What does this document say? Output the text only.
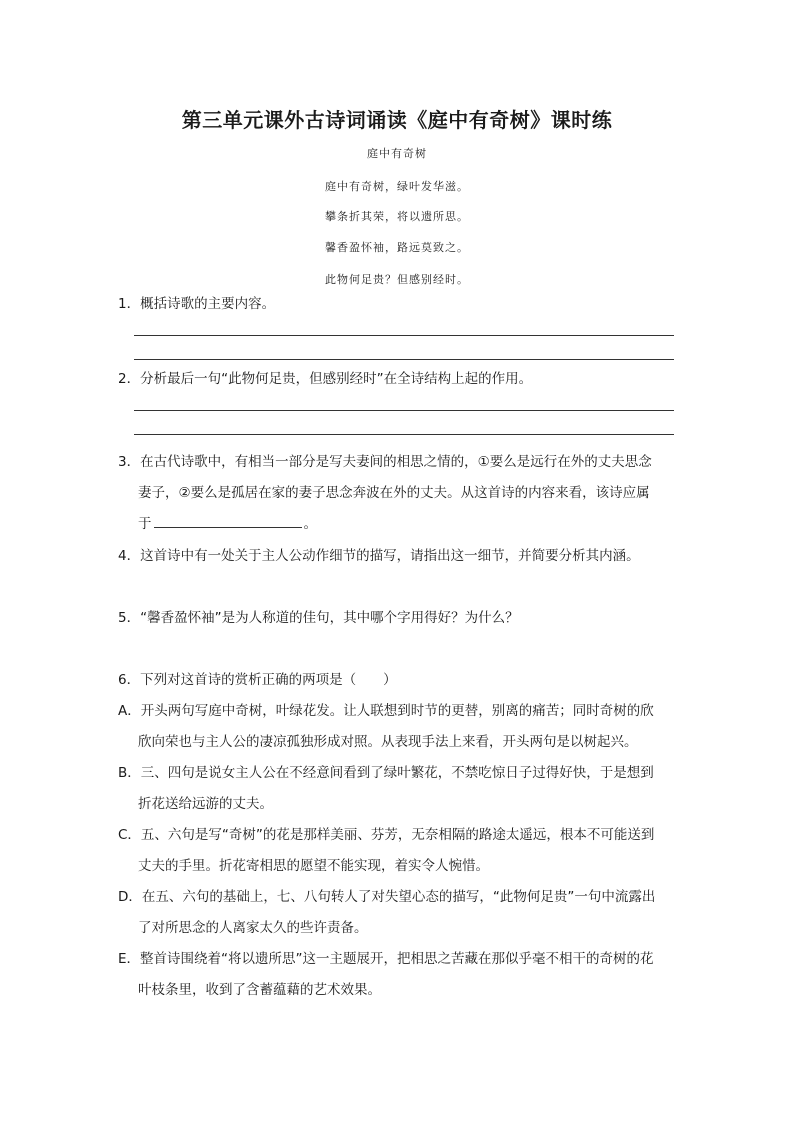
第三单元课外古诗词诵读《庭中有奇树》课时练
庭中有奇树
庭中有奇树，绿叶发华滋。
攀条折其荣，将以遗所思。
馨香盈怀袖，路远莫致之。
此物何足贵？但感别经时。
1．概括诗歌的主要内容。
2．分析最后一句“此物何足贵，但感别经时”在全诗结构上起的作用。
3．在古代诗歌中，有相当一部分是写夫妻间的相思之情的，①要么是远行在外的丈夫思念
妻子，②要么是孤居在家的妻子思念奔波在外的丈夫。从这首诗的内容来看，该诗应属
于	。
4．这首诗中有一处关于主人公动作细节的描写，请指出这一细节，并简要分析其内涵。
5．“馨香盈怀袖”是为人称道的佳句，其中哪个字用得好？为什么？
6．下列对这首诗的赏析正确的两项是（　　）
A．开头两句写庭中奇树，叶绿花发。让人联想到时节的更替，别离的痛苦；同时奇树的欣
欣向荣也与主人公的凄凉孤独形成对照。从表现手法上来看，开头两句是以树起兴。
B．三、四句是说女主人公在不经意间看到了绿叶繁花，不禁吃惊日子过得好快，于是想到
折花送给远游的丈夫。
C．五、六句是写“奇树”的花是那样美丽、芬芳，无奈相隔的路途太遥远，根本不可能送到
丈夫的手里。折花寄相思的愿望不能实现，着实令人惋惜。
D．在五、六句的基础上，七、八句转人了对失望心态的描写，“此物何足贵”一句中流露出
了对所思念的人离家太久的些许责备。
E．整首诗围绕着“将以遗所思”这一主题展开，把相思之苦藏在那似乎毫不相干的奇树的花
叶枝条里，收到了含蓄蕴藉的艺术效果。
